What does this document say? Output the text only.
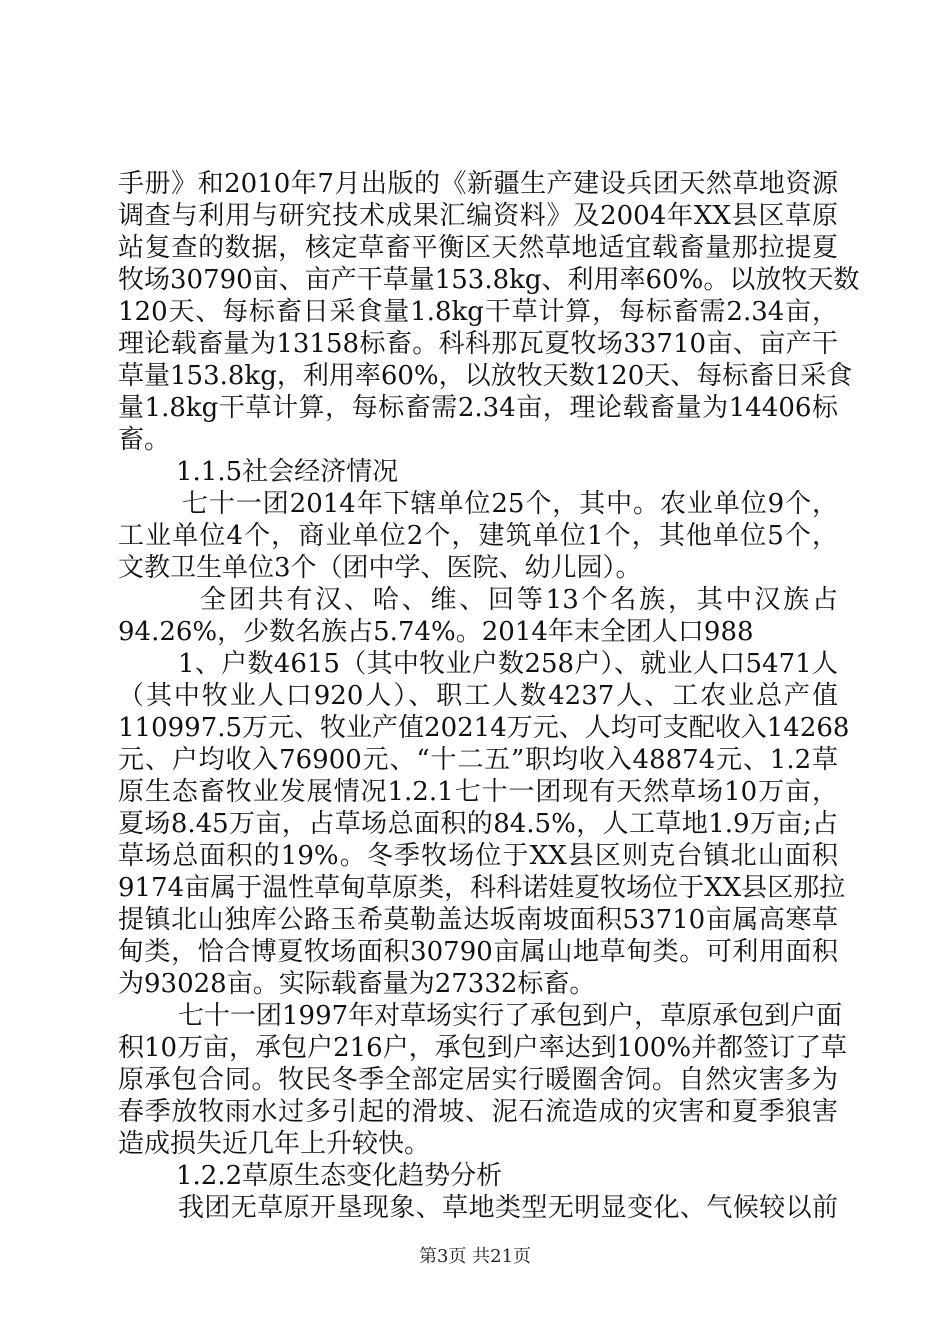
手册》和2010年7月出版的《新疆生产建设兵团天然草地资源
调查与利用与研究技术成果汇编资料》及2004年XX县区草原
站复查的数据，核定草畜平衡区天然草地适宜载畜量那拉提夏
牧场30790亩、亩产干草量153.8kg、利用率60%。以放牧天数
120天、每标畜日采食量1.8kg干草计算，每标畜需2.34亩，
理论载畜量为13158标畜。科科那瓦夏牧场33710亩、亩产干
草量153.8kg，利用率60%，以放牧天数120天、每标畜日采食
量1.8kg干草计算，每标畜需2.34亩，理论载畜量为14406标
畜。
1.1.5社会经济情况
七十一团2014年下辖单位25个，其中。农业单位9个，
工业单位4个，商业单位2个，建筑单位1个，其他单位5个，
文教卫生单位3个（团中学、医院、幼儿园）。
全团共有汉、哈、维、回等13个名族，其中汉族占
94.26%，少数名族占5.74%。2014年末全团人口988
1、户数4615（其中牧业户数258户）、就业人口5471人
（其中牧业人口920人）、职工人数4237人、工农业总产值
110997.5万元、牧业产值20214万元、人均可支配收入14268
元、户均收入76900元、“十二五”职均收入48874元、1.2草
原生态畜牧业发展情况1.2.1七十一团现有天然草场10万亩，
夏场8.45万亩，占草场总面积的84.5%，人工草地1.9万亩;占
草场总面积的19%。冬季牧场位于XX县区则克台镇北山面积
9174亩属于温性草甸草原类，科科诺娃夏牧场位于XX县区那拉
提镇北山独库公路玉希莫勒盖达坂南坡面积53710亩属高寒草
甸类，恰合博夏牧场面积30790亩属山地草甸类。可利用面积
为93028亩。实际载畜量为27332标畜。
七十一团1997年对草场实行了承包到户，草原承包到户面
积10万亩，承包户216户，承包到户率达到100%并都签订了草
原承包合同。牧民冬季全部定居实行暖圈舍饲。自然灾害多为
春季放牧雨水过多引起的滑坡、泥石流造成的灾害和夏季狼害
造成损失近几年上升较快。
1.2.2草原生态变化趋势分析
我团无草原开垦现象、草地类型无明显变化、气候较以前
第3页 共21页
